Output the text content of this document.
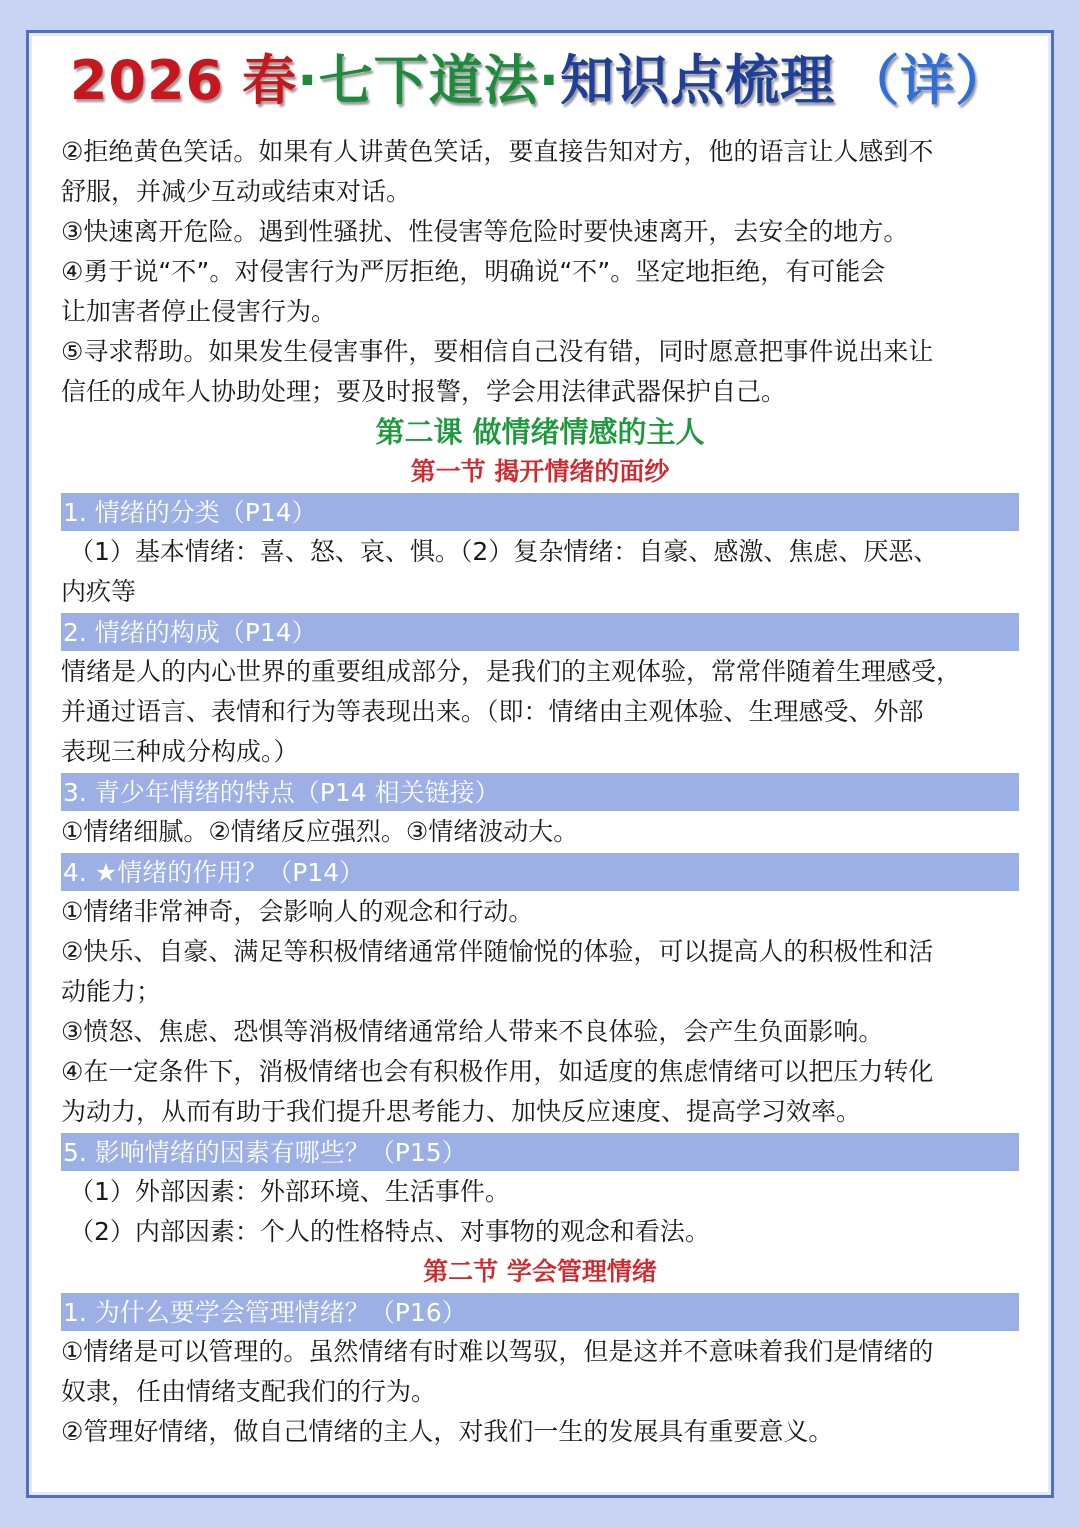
2026 春·七下道法·知识点梳理 （详）
②拒绝黄色笑话。如果有人讲黄色笑话，要直接告知对方，他的语言让人感到不
舒服，并减少互动或结束对话。
③快速离开危险。遇到性骚扰、性侵害等危险时要快速离开，去安全的地方。
④勇于说“不”。对侵害行为严厉拒绝，明确说“不”。坚定地拒绝，有可能会
让加害者停止侵害行为。
⑤寻求帮助。如果发生侵害事件，要相信自己没有错，同时愿意把事件说出来让
信任的成年人协助处理；要及时报警，学会用法律武器保护自己。
第二课 做情绪情感的主人
第一节 揭开情绪的面纱
1. 情绪的分类（P14）
（1）基本情绪：喜、怒、哀、惧。（2）复杂情绪：自豪、感激、焦虑、厌恶、
内疚等
2. 情绪的构成（P14）
情绪是人的内心世界的重要组成部分，是我们的主观体验，常常伴随着生理感受，
并通过语言、表情和行为等表现出来。（即：情绪由主观体验、生理感受、外部
表现三种成分构成。）
3. 青少年情绪的特点（P14 相关链接）
①情绪细腻。②情绪反应强烈。③情绪波动大。
4. ★情绪的作用？（P14）
①情绪非常神奇，会影响人的观念和行动。
②快乐、自豪、满足等积极情绪通常伴随愉悦的体验，可以提高人的积极性和活
动能力；
③愤怒、焦虑、恐惧等消极情绪通常给人带来不良体验，会产生负面影响。
④在一定条件下，消极情绪也会有积极作用，如适度的焦虑情绪可以把压力转化
为动力，从而有助于我们提升思考能力、加快反应速度、提高学习效率。
5. 影响情绪的因素有哪些？（P15）
（1）外部因素：外部环境、生活事件。
（2）内部因素：个人的性格特点、对事物的观念和看法。
第二节 学会管理情绪
1. 为什么要学会管理情绪？（P16）
①情绪是可以管理的。虽然情绪有时难以驾驭，但是这并不意味着我们是情绪的
奴隶，任由情绪支配我们的行为。
②管理好情绪，做自己情绪的主人，对我们一生的发展具有重要意义。
